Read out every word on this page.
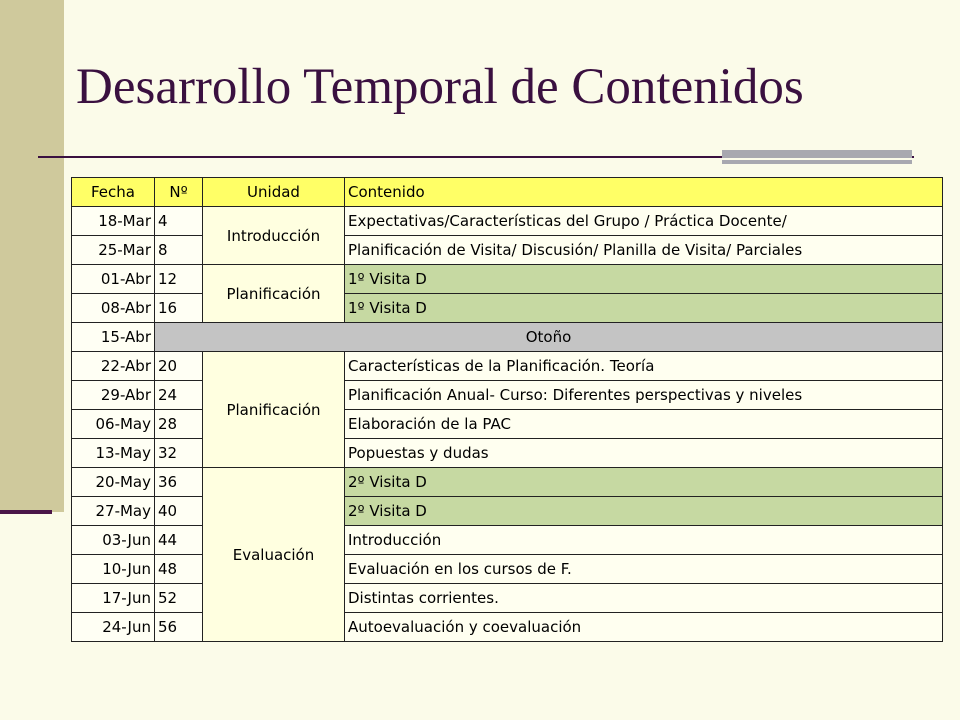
Desarrollo Temporal de Contenidos
Fecha	Nº	Unidad	Contenido
18-Mar	4	Introducción	Expectativas/Características del Grupo / Práctica Docente/
25-Mar	8		Planificación de Visita/ Discusión/ Planilla de Visita/ Parciales
01-Abr	12	Planificación	1º Visita D
08-Abr	16		1º Visita D
15-Abr	Otoño		
22-Abr	20	Planificación	Características de la Planificación. Teoría
29-Abr	24		Planificación Anual- Curso: Diferentes perspectivas y niveles
06-May	28		Elaboración de la PAC
13-May	32		Popuestas y dudas
20-May	36	Evaluación	2º Visita D
27-May	40		2º Visita D
03-Jun	44		Introducción
10-Jun	48		Evaluación en los cursos de F.
17-Jun	52		Distintas corrientes.
24-Jun	56		Autoevaluación y coevaluación
